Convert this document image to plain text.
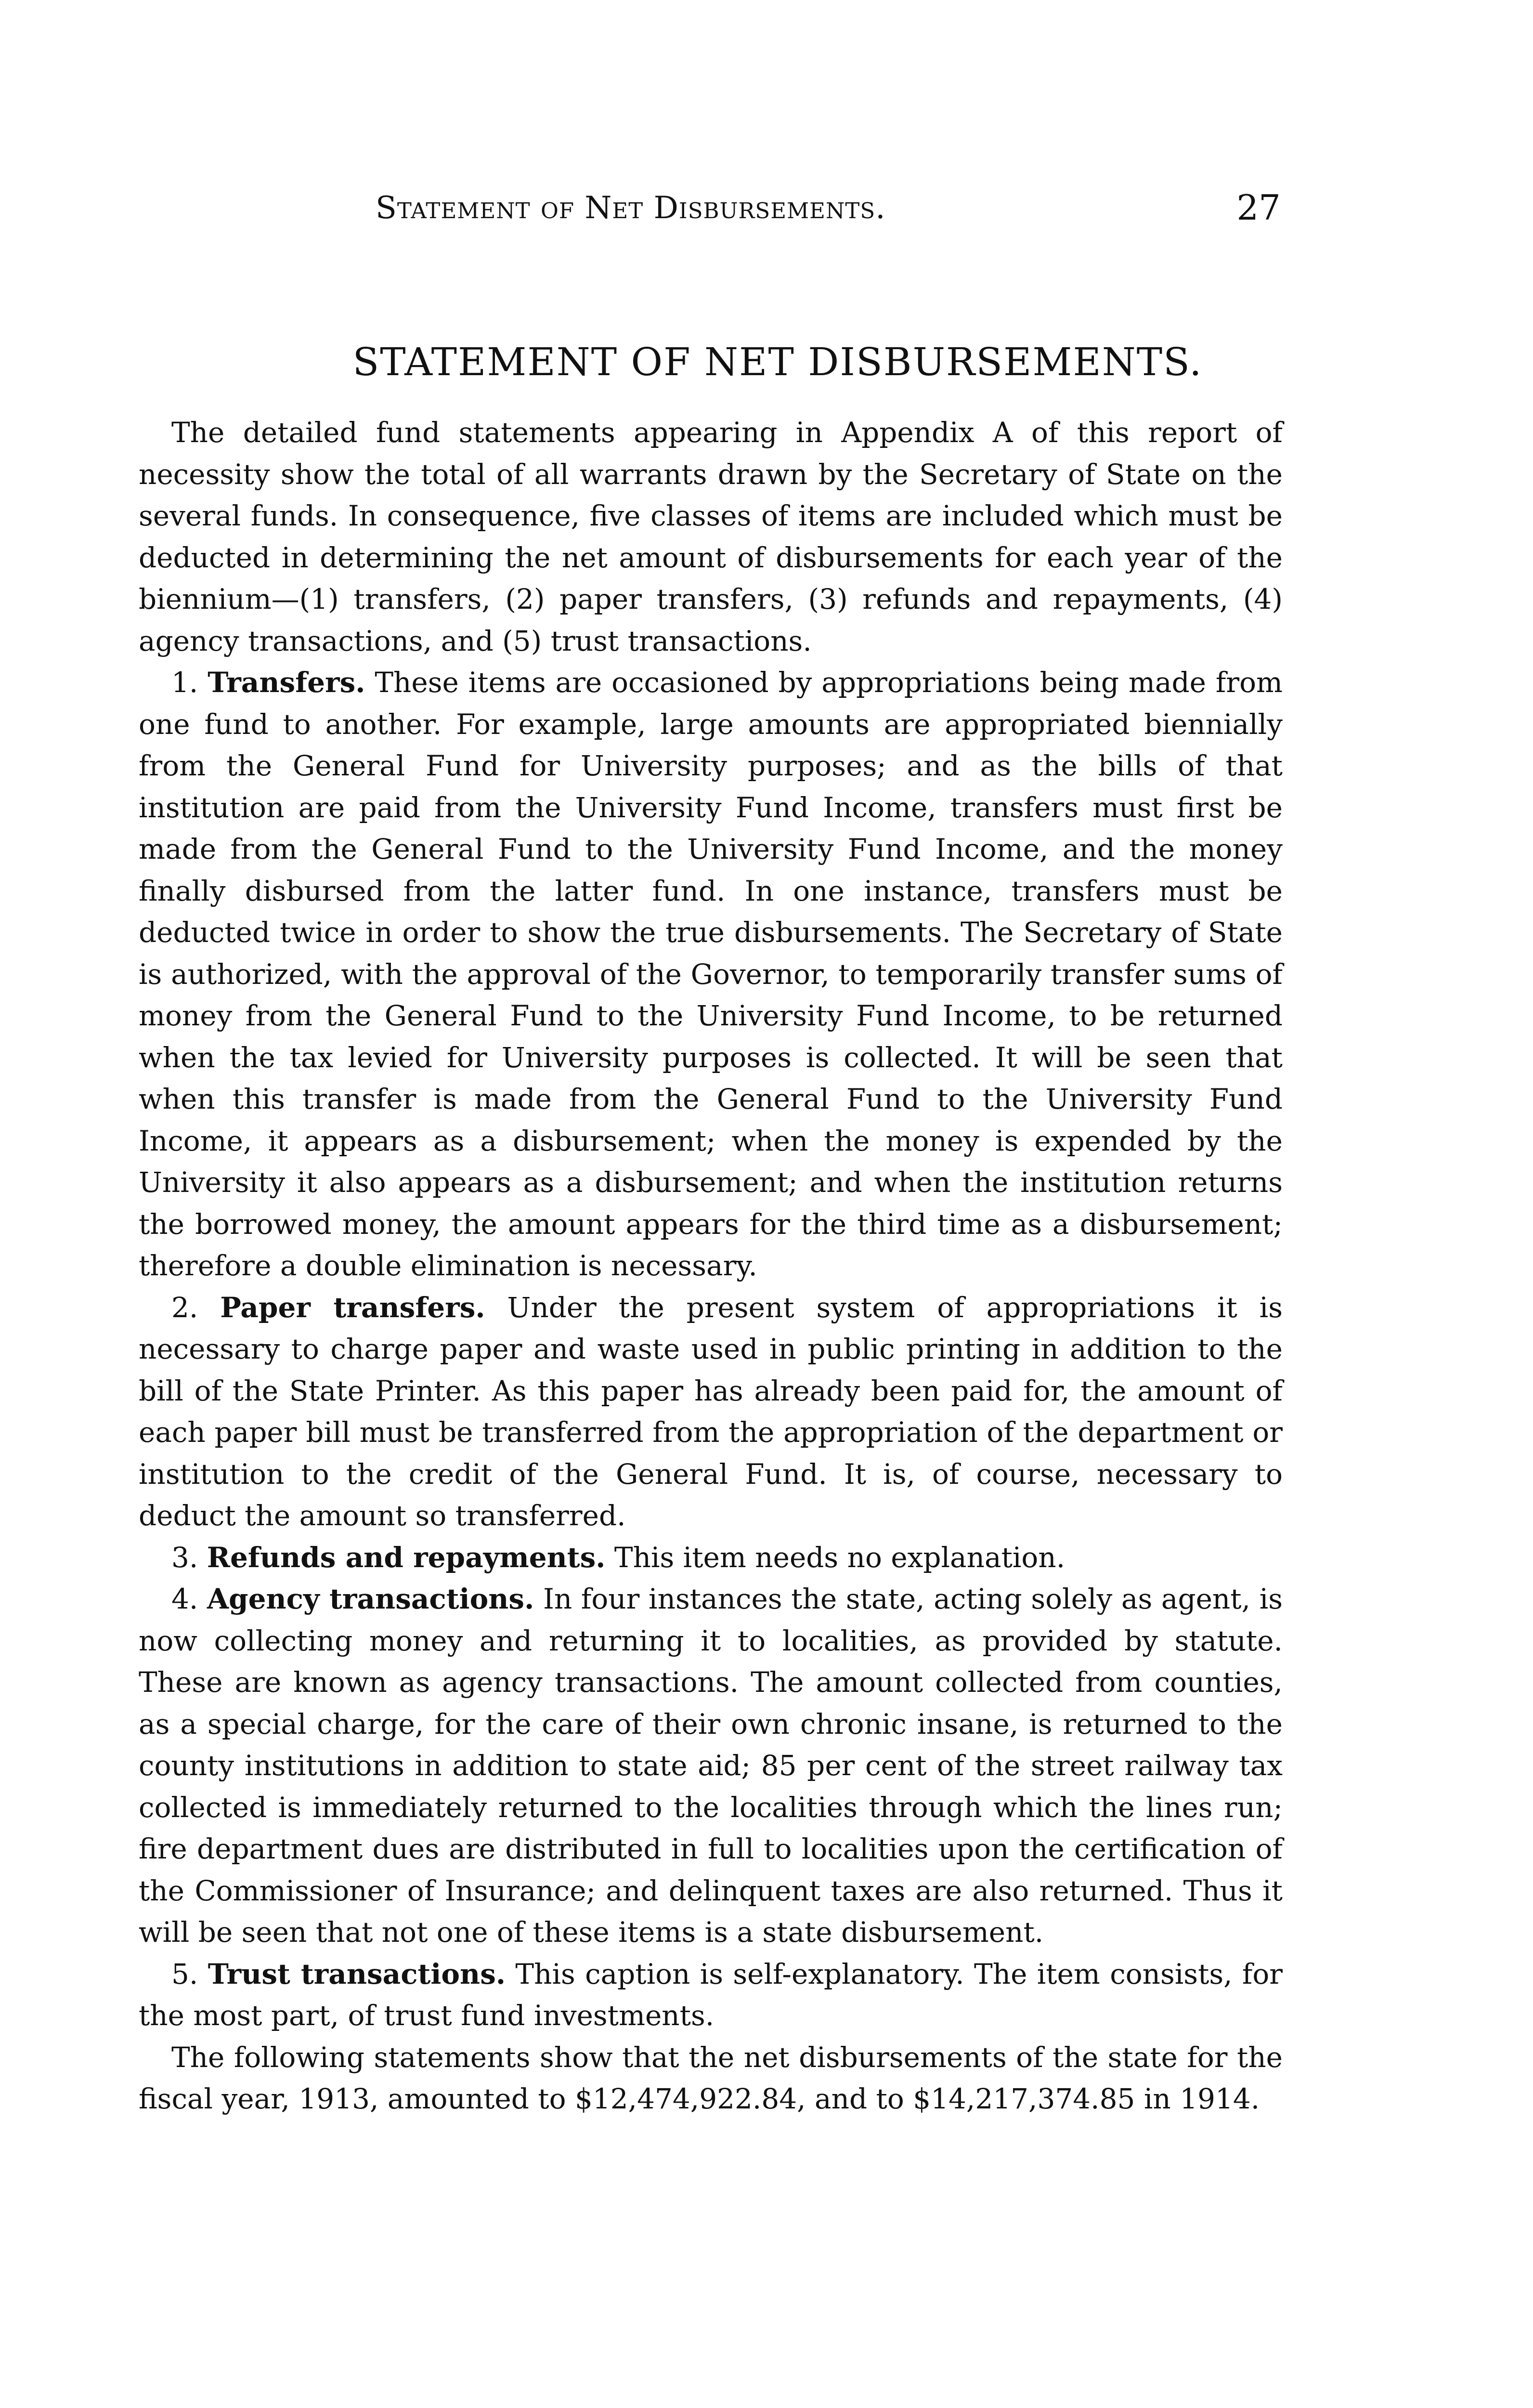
Statement of Net Disbursements.	27
STATEMENT OF NET DISBURSEMENTS.

The detailed fund statements appearing in Appendix A of this report of necessity show the total of all warrants drawn by the Secretary of State on the several funds. In consequence, five classes of items are included which must be deducted in determining the net amount of disbursements for each year of the biennium—(1) transfers, (2) paper transfers, (3) refunds and repayments, (4) agency transactions, and (5) trust transactions.

1. Transfers. These items are occasioned by appropriations being made from one fund to another. For example, large amounts are appropriated biennially from the General Fund for University purposes; and as the bills of that institution are paid from the University Fund Income, transfers must first be made from the General Fund to the University Fund Income, and the money finally disbursed from the latter fund. In one instance, transfers must be deducted twice in order to show the true disbursements. The Secretary of State is authorized, with the approval of the Governor, to temporarily transfer sums of money from the General Fund to the University Fund Income, to be returned when the tax levied for University purposes is collected. It will be seen that when this transfer is made from the General Fund to the University Fund Income, it appears as a disbursement; when the money is expended by the University it also appears as a disbursement; and when the institution returns the borrowed money, the amount appears for the third time as a disbursement; therefore a double elimination is necessary.

2. Paper transfers. Under the present system of appropriations it is necessary to charge paper and waste used in public printing in addition to the bill of the State Printer. As this paper has already been paid for, the amount of each paper bill must be transferred from the appropriation of the department or institution to the credit of the General Fund. It is, of course, necessary to deduct the amount so transferred.

3. Refunds and repayments. This item needs no explanation.

4. Agency transactions. In four instances the state, acting solely as agent, is now collecting money and returning it to localities, as provided by statute. These are known as agency transactions. The amount collected from counties, as a special charge, for the care of their own chronic insane, is returned to the county institutions in addition to state aid; 85 per cent of the street railway tax collected is immediately returned to the localities through which the lines run; fire department dues are distributed in full to localities upon the certification of the Commissioner of Insurance; and delinquent taxes are also returned. Thus it will be seen that not one of these items is a state disbursement.

5. Trust transactions. This caption is self-explanatory. The item consists, for the most part, of trust fund investments.

The following statements show that the net disbursements of the state for the fiscal year, 1913, amounted to $12,474,922.84, and to $14,217,374.85 in 1914.
